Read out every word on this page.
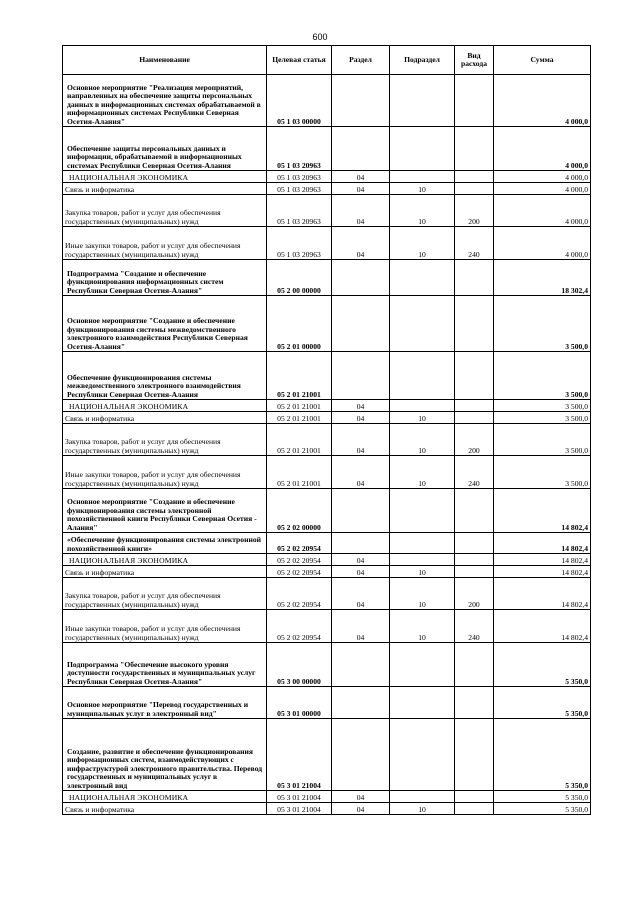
600
Наименование	Целевая статья	Раздел	Подраздел	Вид расхода	Сумма
Основное мероприятие "Реализация мероприятий, направленных на обеспечение защиты персональных данных в информационных системах обрабатываемой в информационных системах Республики Северная Осетия-Алания"	05 1 03 00000				4 000,0
Обеспечение защиты персональных данных и информации, обрабатываемой в информационных системах Республики Северная Осетия-Алания	05 1 03 20963				4 000,0
НАЦИОНАЛЬНАЯ ЭКОНОМИКА	05 1 03 20963	04			4 000,0
Связь и информатика	05 1 03 20963	04	10		4 000,0
Закупка товаров, работ и услуг для обеспечения государственных (муниципальных) нужд	05 1 03 20963	04	10	200	4 000,0
Иные закупки товаров, работ и услуг для обеспечения государственных (муниципальных) нужд	05 1 03 20963	04	10	240	4 000,0
Подпрограмма "Создание и обеспечение функционирования информационных систем Республики Северная Осетия-Алания"	05 2 00 00000				18 302,4
Основное мероприятие "Создание и обеспечение функционирования системы межведомственного электронного взаимодействия Республики Северная Осетия-Алания"	05 2 01 00000				3 500,0
Обеспечение функционирования системы межведомственного электронного взаимодействия Республики Северная Осетия-Алания	05 2 01 21001				3 500,0
НАЦИОНАЛЬНАЯ ЭКОНОМИКА	05 2 01 21001	04			3 500,0
Связь и информатика	05 2 01 21001	04	10		3 500,0
Закупка товаров, работ и услуг для обеспечения государственных (муниципальных) нужд	05 2 01 21001	04	10	200	3 500,0
Иные закупки товаров, работ и услуг для обеспечения государственных (муниципальных) нужд	05 2 01 21001	04	10	240	3 500,0
Основное мероприятие "Создание и обеспечение функционирования системы электронной похозяйственной книги Республики Северная Осетия - Алания"	05 2 02 00000				14 802,4
«Обеспечение функционирования системы электронной похозяйственной книги»	05 2 02 20954				14 802,4
НАЦИОНАЛЬНАЯ ЭКОНОМИКА	05 2 02 20954	04			14 802,4
Связь и информатика	05 2 02 20954	04	10		14 802,4
Закупка товаров, работ и услуг для обеспечения государственных (муниципальных) нужд	05 2 02 20954	04	10	200	14 802,4
Иные закупки товаров, работ и услуг для обеспечения государственных (муниципальных) нужд	05 2 02 20954	04	10	240	14 802,4
Подпрограмма "Обеспечение высокого уровня доступности государственных и муниципальных услуг Республики Северная Осетия-Алания"	05 3 00 00000				5 350,0
Основное мероприятие "Перевод государственных и муниципальных услуг в электронный вид"	05 3 01 00000				5 350,0
Создание, развитие и обеспечение функционирования информационных систем, взаимодействующих с инфраструктурой электронного правительства. Перевод государственных и муниципальных услуг в электронный вид	05 3 01 21004				5 350,0
НАЦИОНАЛЬНАЯ ЭКОНОМИКА	05 3 01 21004	04			5 350,0
Связь и информатика	05 3 01 21004	04	10		5 350,0
